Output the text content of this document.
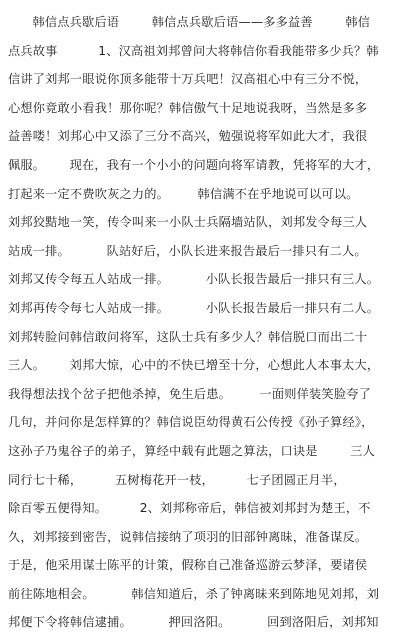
韩信点兵歇后语        韩信点兵歇后语——多多益善        韩信
点兵故事          1、汉高祖刘邦曾问大将韩信你看我能带多少兵？韩
信讲了刘邦一眼说你顶多能带十万兵吧！汉高祖心中有三分不悦，
心想你竟敢小看我！那你呢？韩信傲气十足地说我呀，当然是多多
益善喽！刘邦心中又添了三分不高兴，勉强说将军如此大才，我很
佩服。      现在，我有一个小小的问题向将军请教，凭将军的大才，
打起来一定不费吹灰之力的。       韩信满不在乎地说可以可以。
刘邦狡黠地一笑，传令叫来一小队士兵隔墙站队，刘邦发令每三人
站成一排。         队站好后，小队长进来报告最后一排只有二人。
刘邦又传令每五人站成一排。         小队长报告最后一排只有三人。
刘邦再传令每七人站成一排。         小队长报告最后一排只有二人。
刘邦转脸问韩信敢问将军，这队士兵有多少人？韩信脱口而出二十
三人。      刘邦大惊，心中的不快已增至十分，心想此人本事太大，
我得想法找个岔子把他杀掉，免生后患。       一面则佯装笑脸夸了
几句，并问你是怎样算的？韩信说臣幼得黄石公传授《孙子算经》，
这孙子乃鬼谷子的弟子，算经中载有此题之算法，口诀是        三人
同行七十稀，        五树梅花开一枝，        七子团圆正月半，
除百零五便得知。        2、刘邦称帝后，韩信被刘邦封为楚王，不
久，刘邦接到密告，说韩信接纳了项羽的旧部钟离昧，准备谋反。
于是，他采用谋士陈平的计策，假称自己准备巡游云梦泽，要诸侯
前往陈地相会。         韩信知道后，杀了钟离昧来到陈地见刘邦，刘
邦便下令将韩信逮捕。         押回洛阳。         回到洛阳后，刘邦知
